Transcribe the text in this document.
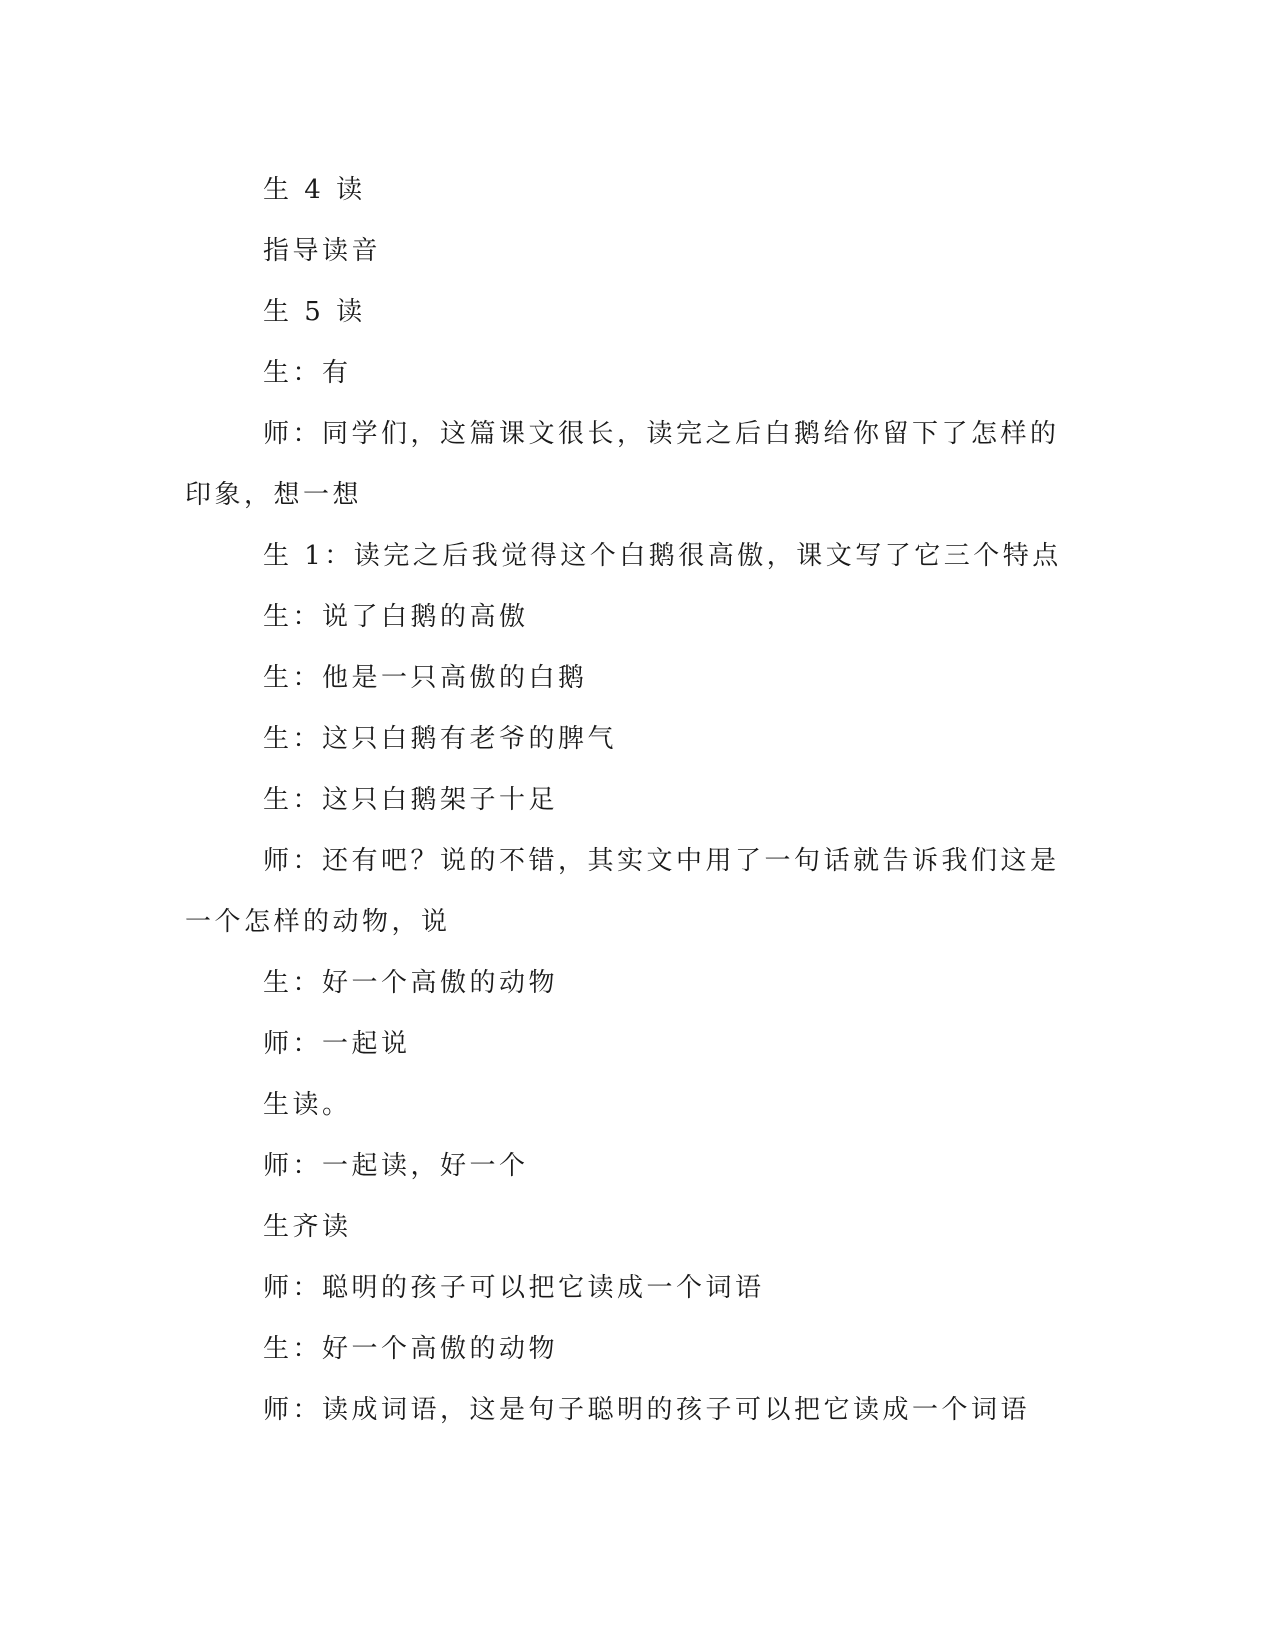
生 4 读

指导读音

生 5 读

生：有

师：同学们，这篇课文很长，读完之后白鹅给你留下了怎样的印象，想一想

生 1：读完之后我觉得这个白鹅很高傲，课文写了它三个特点

生：说了白鹅的高傲

生：他是一只高傲的白鹅

生：这只白鹅有老爷的脾气

生：这只白鹅架子十足

师：还有吧？说的不错，其实文中用了一句话就告诉我们这是一个怎样的动物，说

生：好一个高傲的动物

师：一起说

生读。

师：一起读，好一个

生齐读

师：聪明的孩子可以把它读成一个词语

生：好一个高傲的动物

师：读成词语，这是句子聪明的孩子可以把它读成一个词语
